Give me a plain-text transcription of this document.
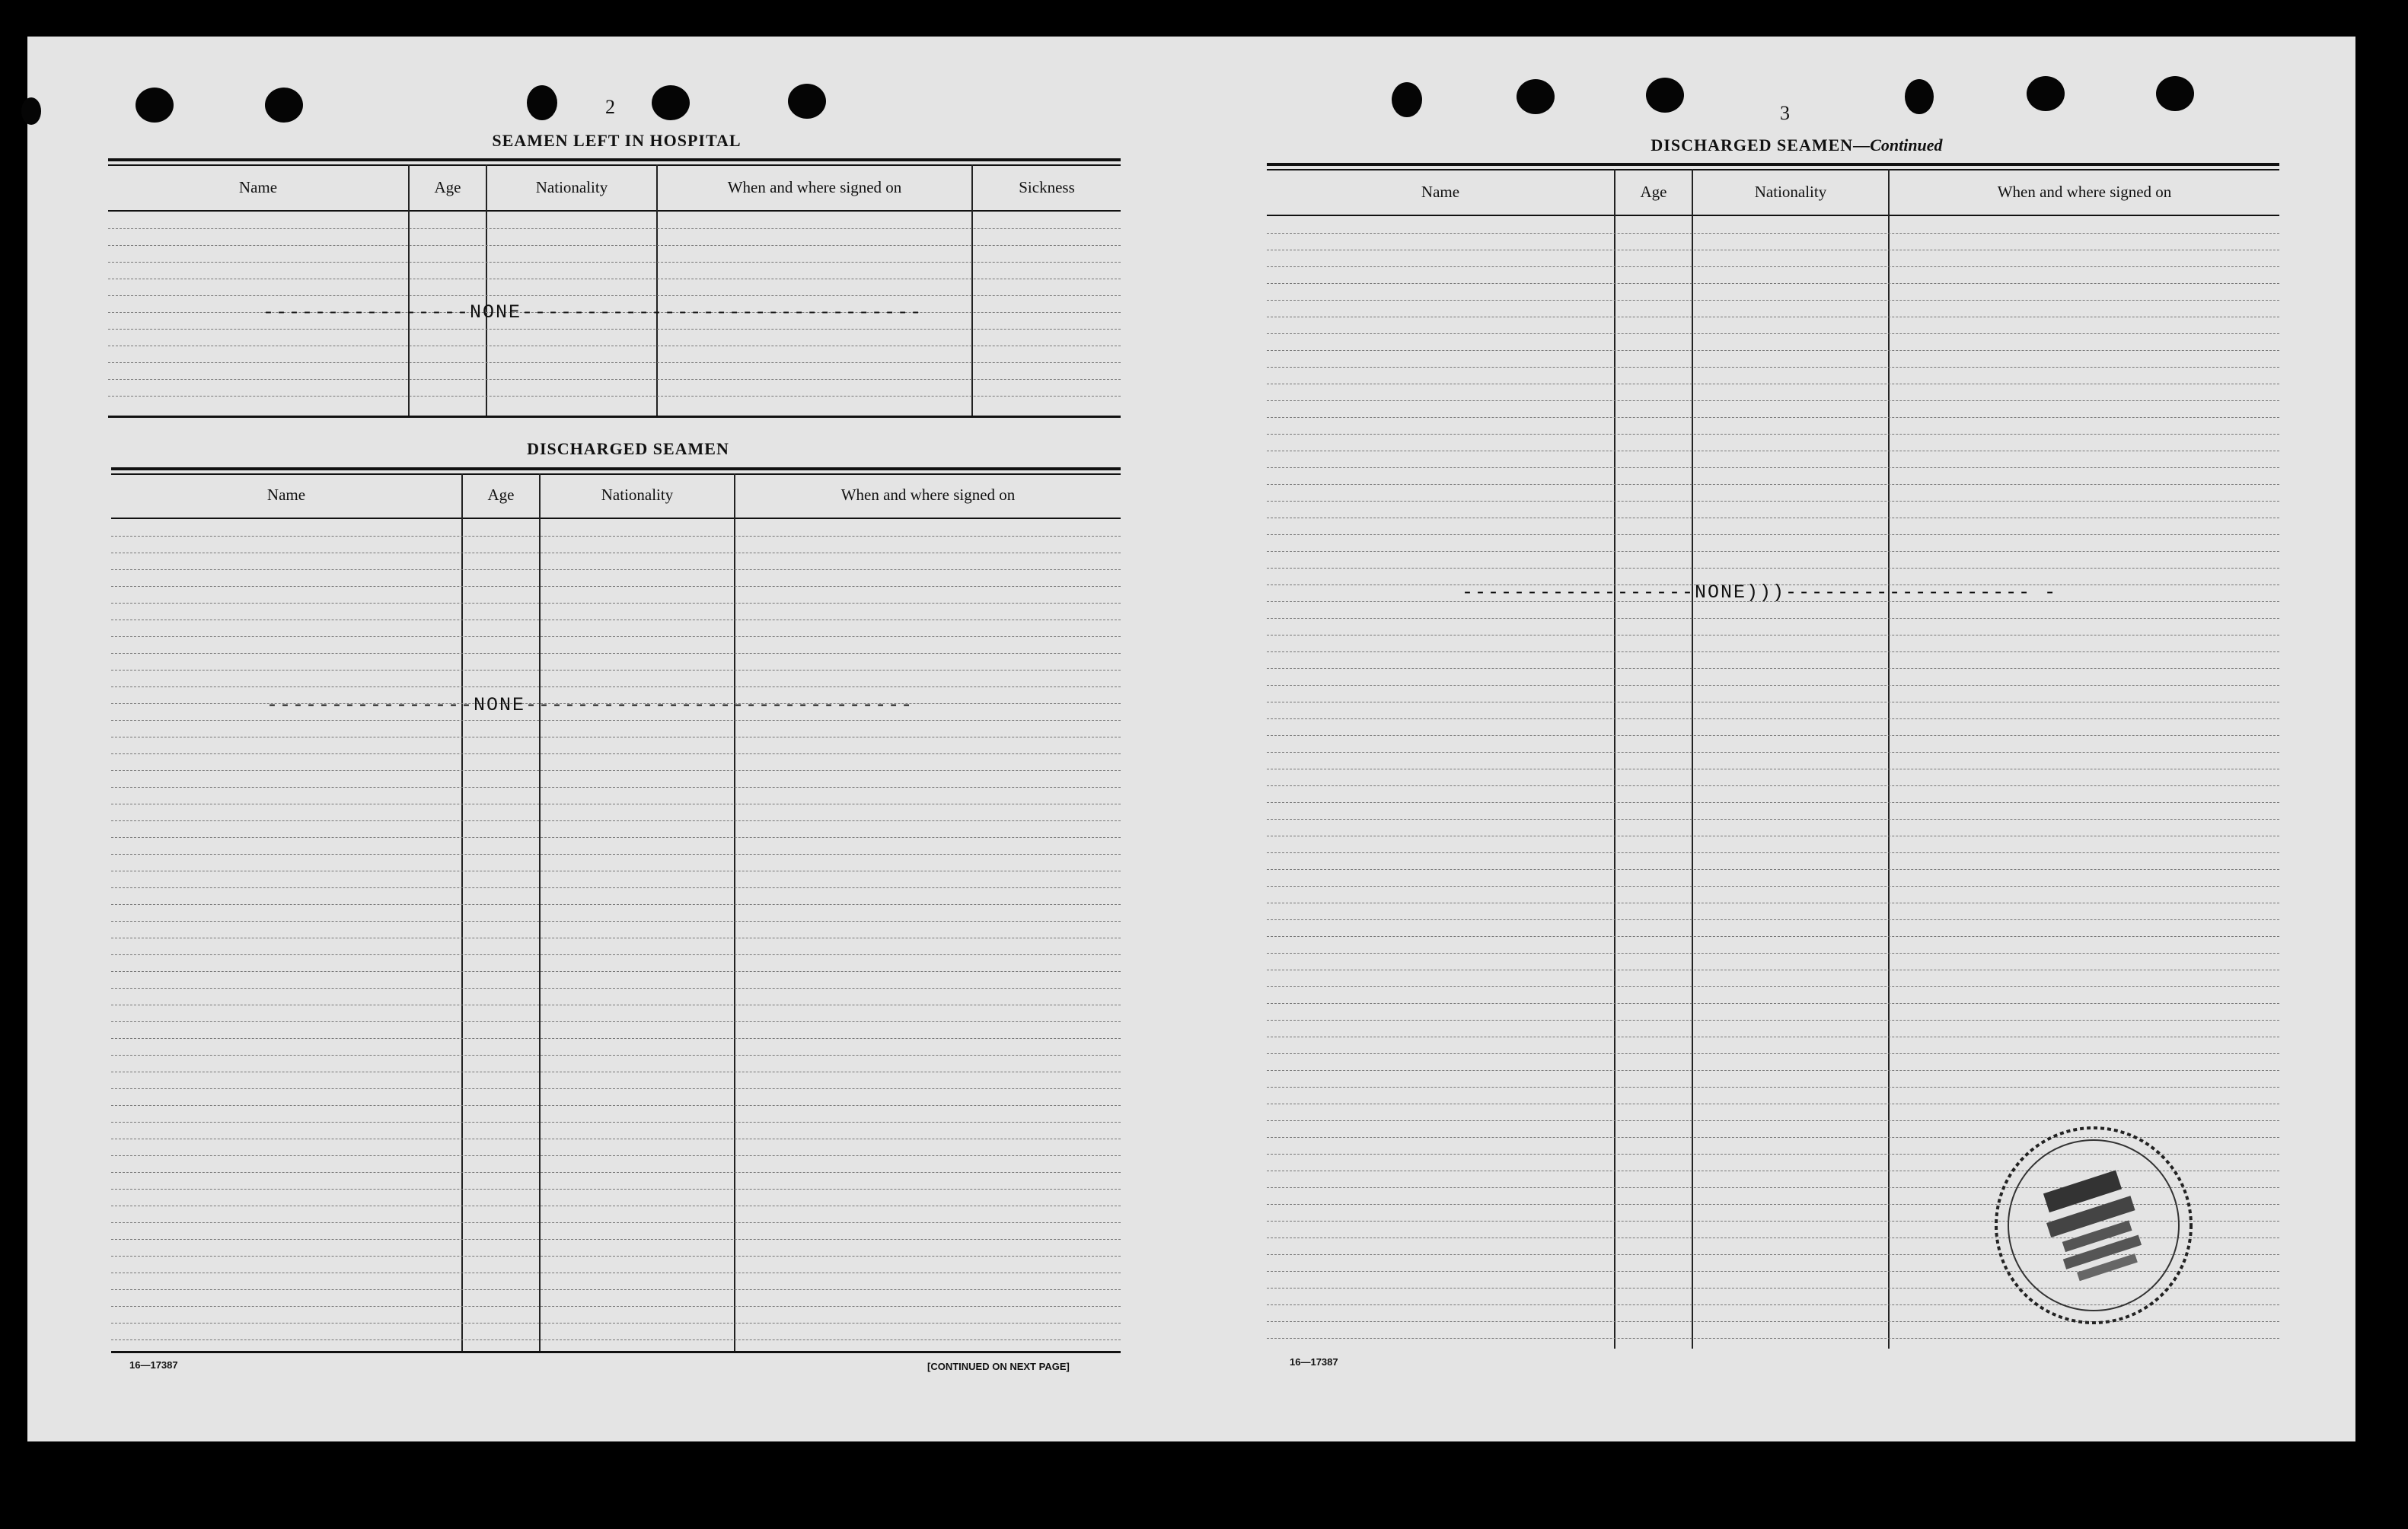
2
SEAMEN LEFT IN HOSPITAL
Name	Age	Nationality	When and where signed on	Sickness
----------------NONE-------------------------------
DISCHARGED SEAMEN
Name	Age	Nationality	When and where signed on
----------------NONE------------------------------
16—17387	[CONTINUED ON NEXT PAGE]
3
DISCHARGED SEAMEN—Continued
Name	Age	Nationality	When and where signed on
------------------NONE)))------------------- -
16—17387
